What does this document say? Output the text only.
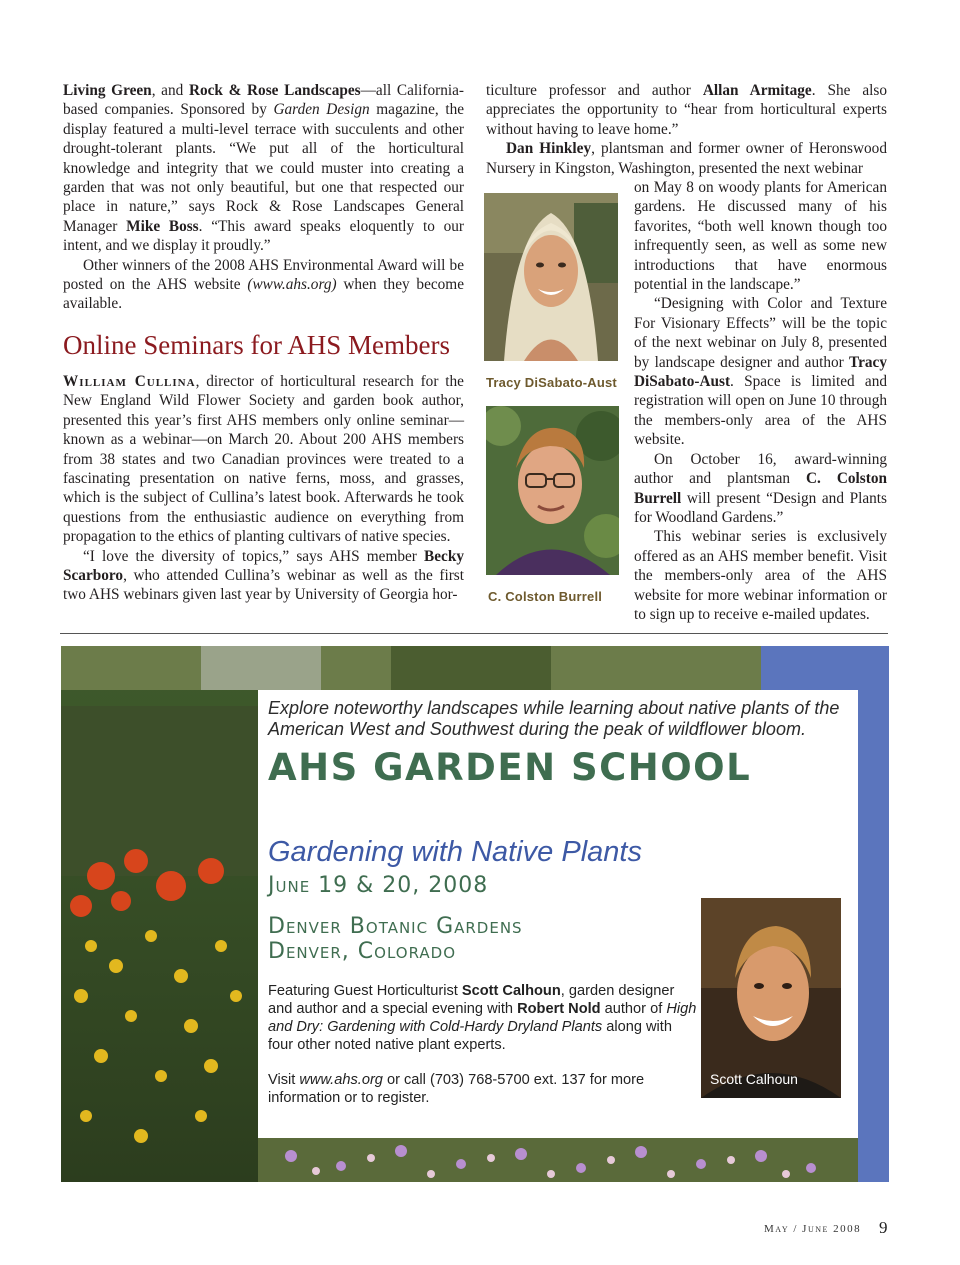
Living Green, and Rock & Rose Landscapes—all California-based companies. Sponsored by Garden Design magazine, the display featured a multi-level terrace with succulents and other drought-tolerant plants. “We put all of the horticultural knowledge and integrity that we could muster into creating a garden that was not only beautiful, but one that respected our place in nature,” says Rock & Rose Landscapes General Manager Mike Boss. “This award speaks eloquently to our intent, and we display it proudly.”

Other winners of the 2008 AHS Environmental Award will be posted on the AHS website (www.ahs.org) when they become available.

Online Seminars for AHS Members

William Cullina, director of horticultural research for the New England Wild Flower Society and garden book author, presented this year’s first AHS members only online seminar—known as a webinar—on March 20. About 200 AHS members from 38 states and two Canadian provinces were treated to a fascinating presentation on native ferns, moss, and grasses, which is the subject of Cullina’s latest book. Afterwards he took questions from the enthusiastic audience on everything from propagation to the ethics of planting cultivars of native species.

“I love the diversity of topics,” says AHS member Becky Scarboro, who attended Cullina’s webinar as well as the first two AHS webinars given last year by University of Georgia hor-

ticulture professor and author Allan Armitage. She also appreciates the opportunity to “hear from horticultural experts without having to leave home.”

Dan Hinkley, plantsman and former owner of Heronswood Nursery in Kingston, Washington, presented the next webinar

on May 8 on woody plants for American gardens. He discussed many of his favorites, “both well known though too infrequently seen, as well as some new introductions that have enormous potential in the landscape.”

“Designing with Color and Texture For Visionary Effects” will be the topic of the next webinar on July 8, presented by landscape designer and author Tracy DiSabato-Aust. Space is limited and registration will open on June 10 through the members-only area of the AHS website.

On October 16, award-winning author and plantsman C. Colston Burrell will present “Design and Plants for Woodland Gardens.”

This webinar series is exclusively offered as an AHS member benefit. Visit the members-only area of the AHS website for more webinar information or to sign up to receive e-mailed updates.

Tracy DiSabato-Aust
C. Colston Burrell
Explore noteworthy landscapes while learning about native plants of the American West and Southwest during the peak of wildflower bloom.
AHS GARDEN SCHOOL
Gardening with Native Plants
June 19 & 20, 2008
Denver Botanic Gardens
Denver, Colorado
Featuring Guest Horticulturist Scott Calhoun, garden designer and author and a special evening with Robert Nold author of High and Dry: Gardening with Cold-Hardy Dryland Plants along with four other noted native plant experts.
Visit www.ahs.org or call (703) 768-5700 ext. 137 for more information or to register.
Scott Calhoun
May / June 2008 9
